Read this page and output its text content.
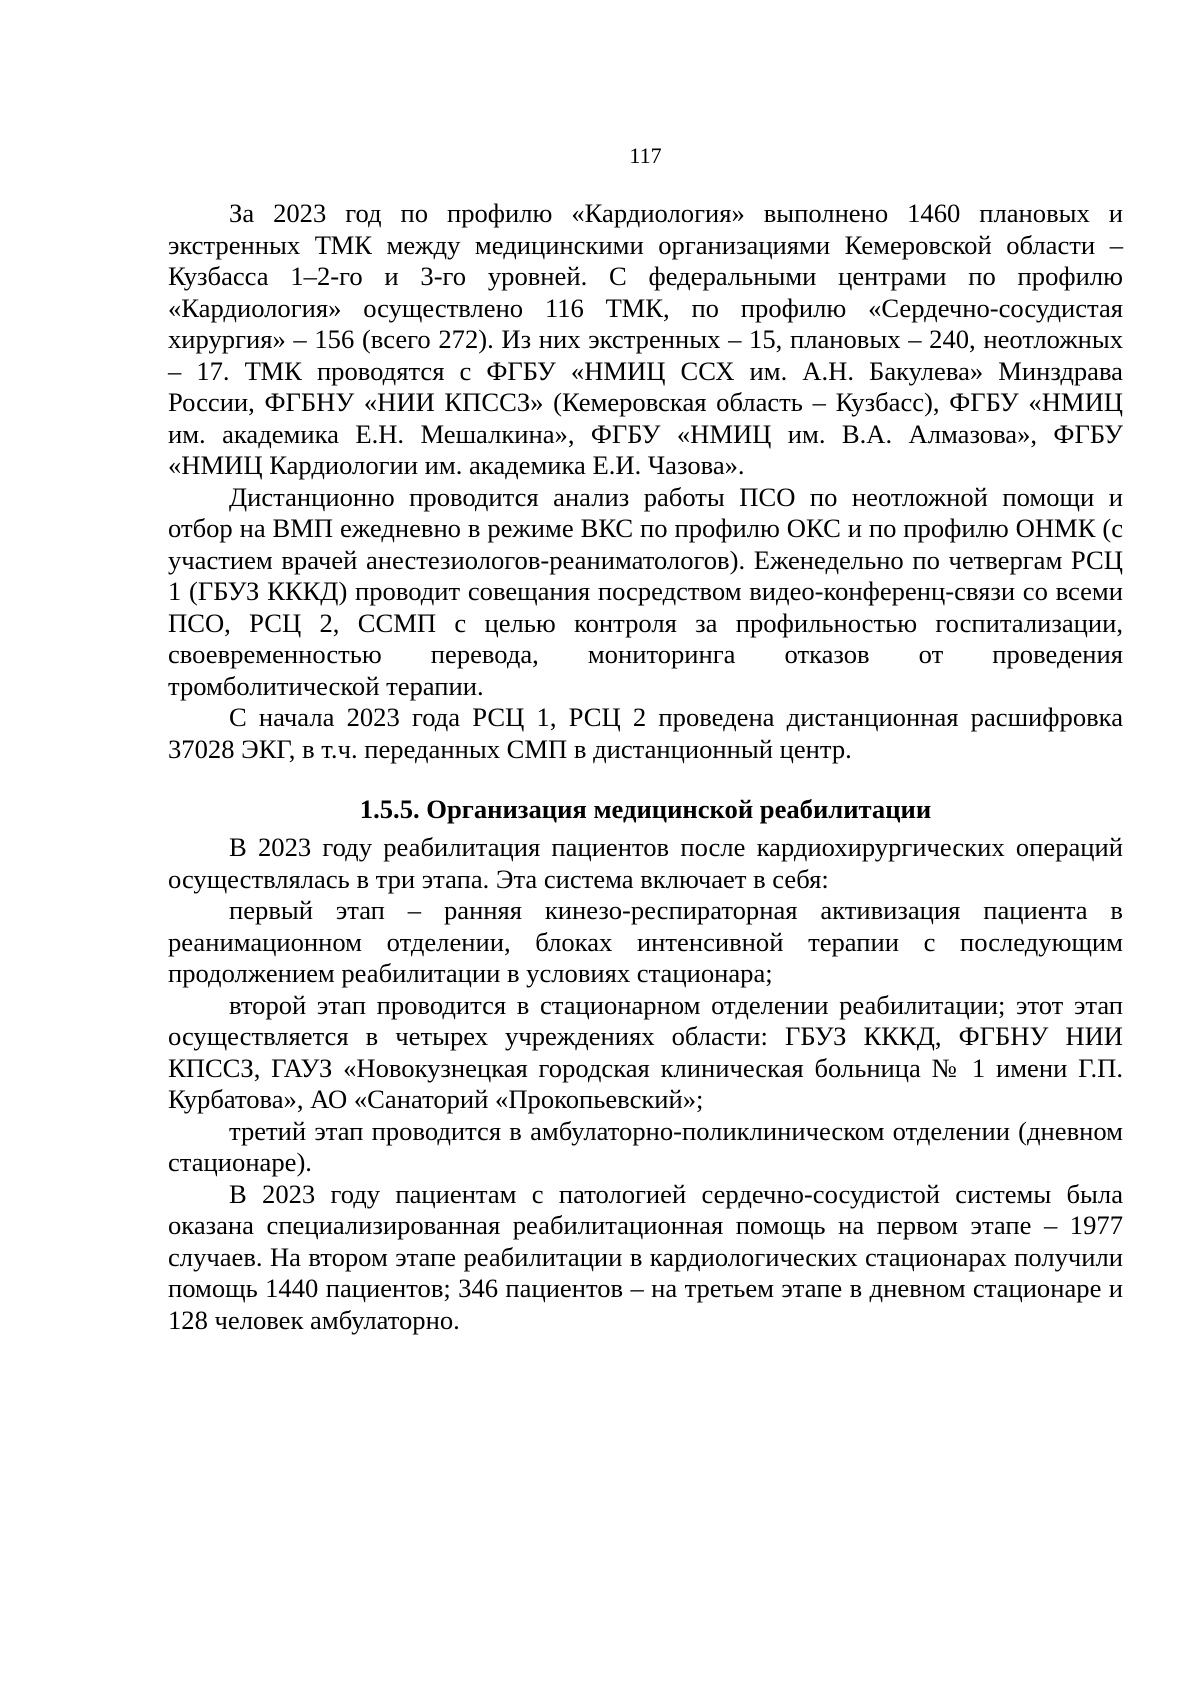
117

За 2023 год по профилю «Кардиология» выполнено 1460 плановых и экстренных ТМК между медицинскими организациями Кемеровской области – Кузбасса 1–2-го и 3-го уровней. С федеральными центрами по профилю «Кардиология» осуществлено 116 ТМК, по профилю «Сердечно-сосудистая хирургия» – 156 (всего 272). Из них экстренных – 15, плановых – 240, неотложных – 17. ТМК проводятся с ФГБУ «НМИЦ ССХ им. А.Н. Бакулева» Минздрава России, ФГБНУ «НИИ КПССЗ» (Кемеровская область – Кузбасс), ФГБУ «НМИЦ им. академика Е.Н. Мешалкина», ФГБУ «НМИЦ им. В.А. Алмазова», ФГБУ «НМИЦ Кардиологии им. академика Е.И. Чазова».

Дистанционно проводится анализ работы ПСО по неотложной помощи и отбор на ВМП ежедневно в режиме ВКС по профилю ОКС и по профилю ОНМК (с участием врачей анестезиологов-реаниматологов). Еженедельно по четвергам РСЦ 1 (ГБУЗ КККД) проводит совещания посредством видео-конференц-связи со всеми ПСО, РСЦ 2, ССМП с целью контроля за профильностью госпитализации, своевременностью перевода, мониторинга отказов от проведения тромболитической терапии.

С начала 2023 года РСЦ 1, РСЦ 2 проведена дистанционная расшифровка 37028 ЭКГ, в т.ч. переданных СМП в дистанционный центр.

1.5.5. Организация медицинской реабилитации

В 2023 году реабилитация пациентов после кардиохирургических операций осуществлялась в три этапа. Эта система включает в себя:

первый этап – ранняя кинезо-респираторная активизация пациента в реанимационном отделении, блоках интенсивной терапии с последующим продолжением реабилитации в условиях стационара;

второй этап проводится в стационарном отделении реабилитации; этот этап осуществляется в четырех учреждениях области: ГБУЗ КККД, ФГБНУ НИИ КПССЗ, ГАУЗ «Новокузнецкая городская клиническая больница № 1 имени Г.П. Курбатова», АО «Санаторий «Прокопьевский»;

третий этап проводится в амбулаторно-поликлиническом отделении (дневном стационаре).

В 2023 году пациентам с патологией сердечно-сосудистой системы была оказана специализированная реабилитационная помощь на первом этапе – 1977 случаев. На втором этапе реабилитации в кардиологических стационарах получили помощь 1440 пациентов; 346 пациентов – на третьем этапе в дневном стационаре и 128 человек амбулаторно.
